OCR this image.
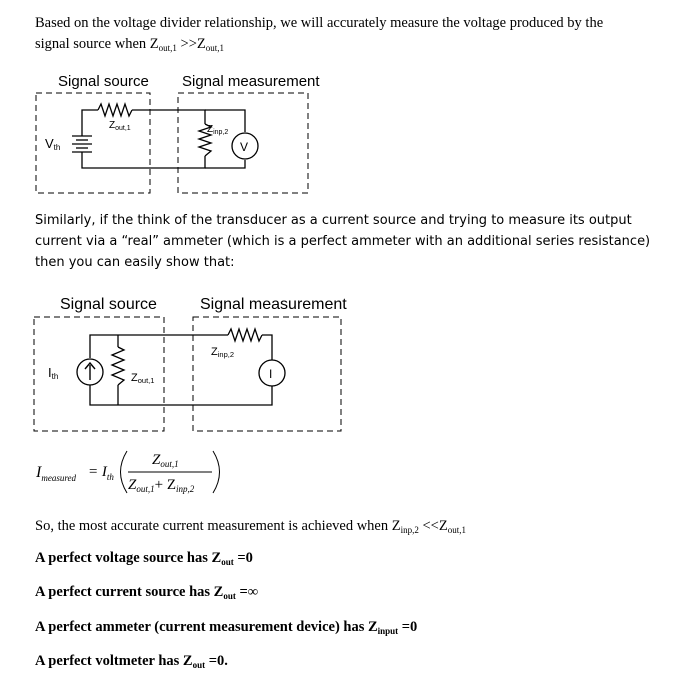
Based on the voltage divider relationship, we will accurately measure the voltage produced by the
signal source when $Z_{out,1} >>Z_{out,1}$
Signal source Signal measurement
Vth
$Z_{out,1}$	$Z_{inp,2}$
V
Similarly, if the think of the transducer as a current source and trying to measure its output
current via a “real” ammeter (which is a perfect ammeter with an additional series resistance)
then you can easily show that:
Signal source	Signal measurement
Ith	Zout,1
Zinp,2
I
$I_{measured} = I_{th}$
$Z_{out,1}$
$Z_{out,1}+ Z_{inp,2}$
So, the most accurate current measurement is achieved when $Z_{inp,2} <<Z_{out,1}$
A perfect voltage source has $Z_{out} =0$
A perfect current source has $Z_{out}$ =∞
A perfect ammeter (current measurement device) has $Z_{input} =0$
A perfect voltmeter has $Z_{out} =0$.
